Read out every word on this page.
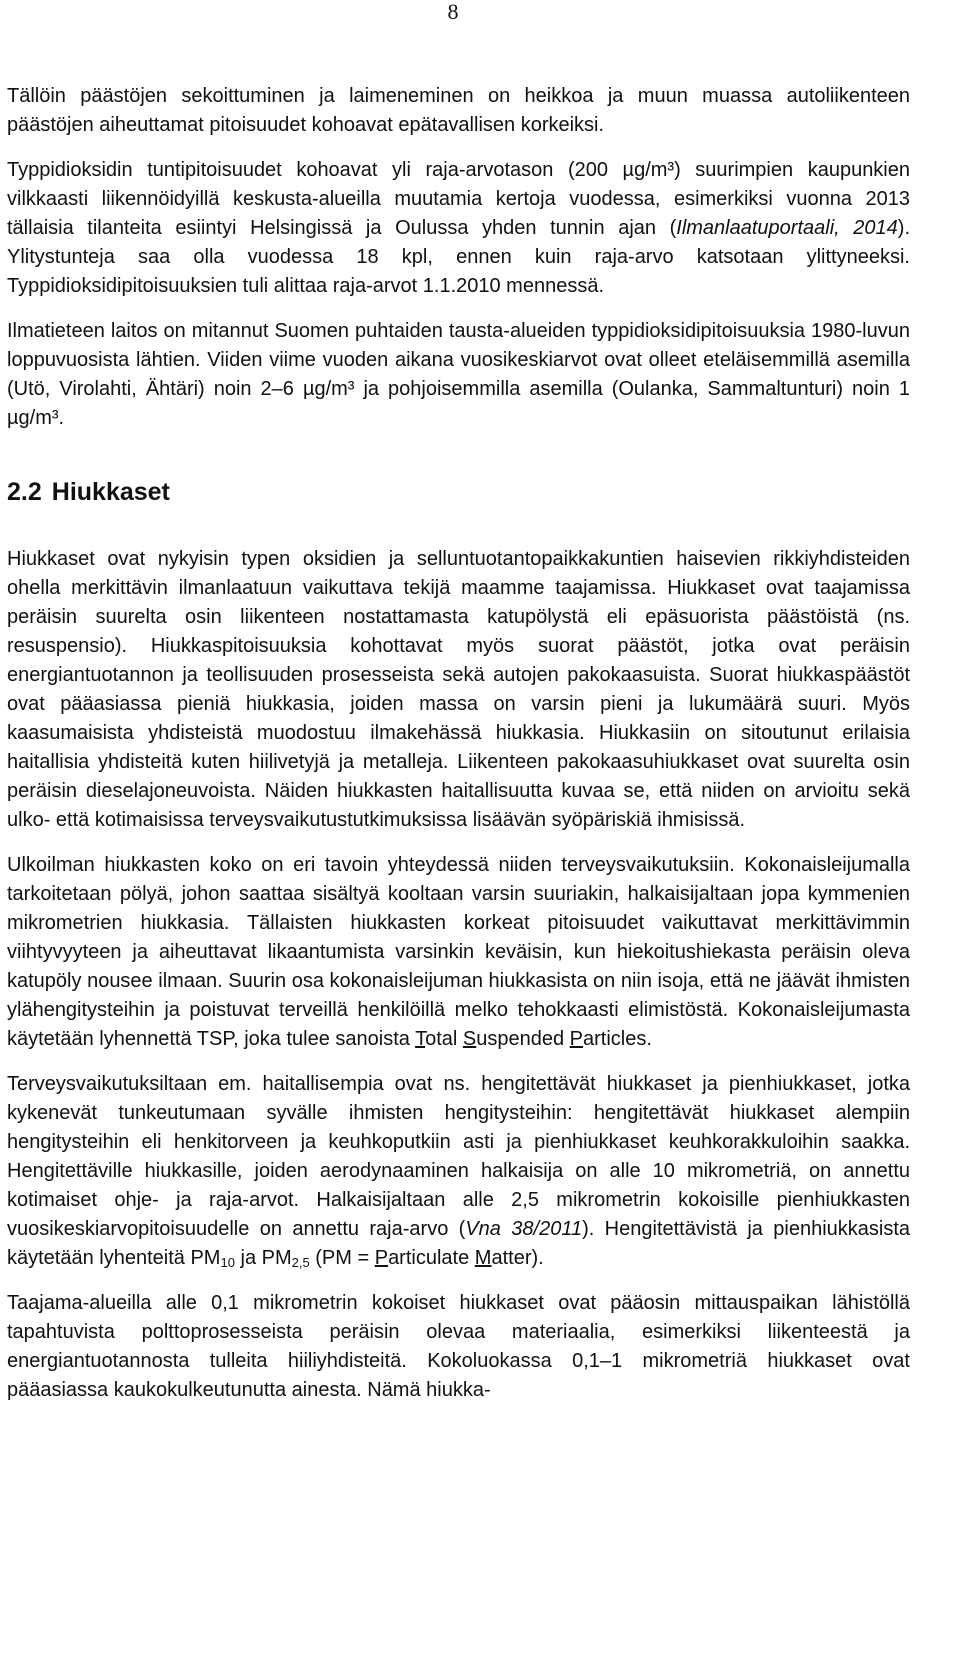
8

Tällöin päästöjen sekoittuminen ja laimeneminen on heikkoa ja muun muassa autoliikenteen päästöjen aiheuttamat pitoisuudet kohoavat epätavallisen korkeiksi.

Typpidioksidin tuntipitoisuudet kohoavat yli raja-arvotason (200 µg/m³) suurimpien kaupunkien vilkkaasti liikennöidyillä keskusta-alueilla muutamia kertoja vuodessa, esimerkiksi vuonna 2013 tällaisia tilanteita esiintyi Helsingissä ja Oulussa yhden tunnin ajan (Ilmanlaatuportaali, 2014). Ylitystunteja saa olla vuodessa 18 kpl, ennen kuin raja-arvo katsotaan ylittyneeksi. Typpidioksidipitoisuuksien tuli alittaa raja-arvot 1.1.2010 mennessä.

Ilmatieteen laitos on mitannut Suomen puhtaiden tausta-alueiden typpidioksidipitoisuuksia 1980-luvun loppuvuosista lähtien. Viiden viime vuoden aikana vuosikeskiarvot ovat olleet eteläisemmillä asemilla (Utö, Virolahti, Ähtäri) noin 2–6 µg/m³ ja pohjoisemmilla asemilla (Oulanka, Sammaltunturi) noin 1 µg/m³.

2.2 Hiukkaset

Hiukkaset ovat nykyisin typen oksidien ja selluntuotantopaikkakuntien haisevien rikkiyhdisteiden ohella merkittävin ilmanlaatuun vaikuttava tekijä maamme taajamissa. Hiukkaset ovat taajamissa peräisin suurelta osin liikenteen nostattamasta katupölystä eli epäsuorista päästöistä (ns. resuspensio). Hiukkaspitoisuuksia kohottavat myös suorat päästöt, jotka ovat peräisin energiantuotannon ja teollisuuden prosesseista sekä autojen pakokaasuista. Suorat hiukkaspäästöt ovat pääasiassa pieniä hiukkasia, joiden massa on varsin pieni ja lukumäärä suuri. Myös kaasumaisista yhdisteistä muodostuu ilmakehässä hiukkasia. Hiukkasiin on sitoutunut erilaisia haitallisia yhdisteitä kuten hiilivetyjä ja metalleja. Liikenteen pakokaasuhiukkaset ovat suurelta osin peräisin dieselajoneuvoista. Näiden hiukkasten haitallisuutta kuvaa se, että niiden on arvioitu sekä ulko- että kotimaisissa terveysvaikutustutkimuksissa lisäävän syöpäriskiä ihmisissä.

Ulkoilman hiukkasten koko on eri tavoin yhteydessä niiden terveysvaikutuksiin. Kokonaisleijumalla tarkoitetaan pölyä, johon saattaa sisältyä kooltaan varsin suuriakin, halkaisijaltaan jopa kymmenien mikrometrien hiukkasia. Tällaisten hiukkasten korkeat pitoisuudet vaikuttavat merkittävimmin viihtyvyyteen ja aiheuttavat likaantumista varsinkin keväisin, kun hiekoitushiekasta peräisin oleva katupöly nousee ilmaan. Suurin osa kokonaisleijuman hiukkasista on niin isoja, että ne jäävät ihmisten ylähengitysteihin ja poistuvat terveillä henkilöillä melko tehokkaasti elimistöstä. Kokonaisleijumasta käytetään lyhennettä TSP, joka tulee sanoista Total Suspended Particles.

Terveysvaikutuksiltaan em. haitallisempia ovat ns. hengitettävät hiukkaset ja pienhiukkaset, jotka kykenevät tunkeutumaan syvälle ihmisten hengitysteihin: hengitettävät hiukkaset alempiin hengitysteihin eli henkitorveen ja keuhkoputkiin asti ja pienhiukkaset keuhkorakkuloihin saakka. Hengitettäville hiukkasille, joiden aerodynaaminen halkaisija on alle 10 mikrometriä, on annettu kotimaiset ohje- ja raja-arvot. Halkaisijaltaan alle 2,5 mikrometrin kokoisille pienhiukkasten vuosikeskiarvopitoisuudelle on annettu raja-arvo (Vna 38/2011). Hengitettävistä ja pienhiukkasista käytetään lyhenteitä $PM_{10}$ ja $PM_{2,5}$ (PM = Particulate Matter).

Taajama-alueilla alle 0,1 mikrometrin kokoiset hiukkaset ovat pääosin mittauspaikan lähistöllä tapahtuvista polttoprosesseista peräisin olevaa materiaalia, esimerkiksi liikenteestä ja energiantuotannosta tulleita hiiliyhdisteitä. Kokoluokassa 0,1–1 mikrometriä hiukkaset ovat pääasiassa kaukokulkeutunutta ainesta. Nämä hiukka-
